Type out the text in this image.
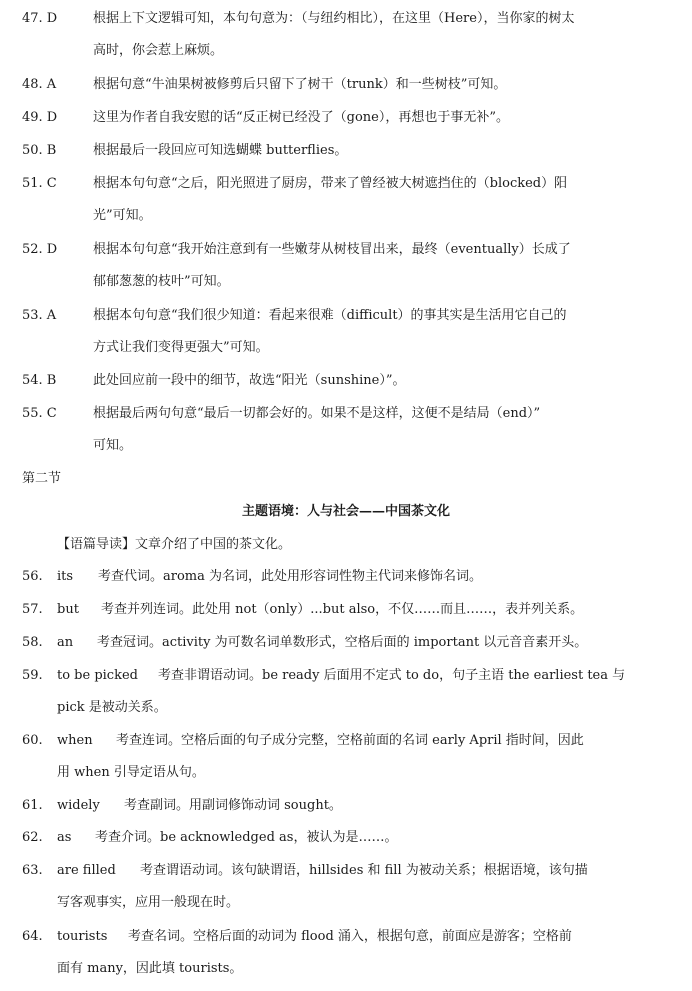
47. D	根据上下文逻辑可知，本句句意为：（与纽约相比），在这里（Here），当你家的树太
高时，你会惹上麻烦。
48. A	根据句意“牛油果树被修剪后只留下了树干（trunk）和一些树枝”可知。
49. D	这里为作者自我安慰的话“反正树已经没了（gone），再想也于事无补”。
50. B	根据最后一段回应可知选蝴蝶 butterflies。
51. C	根据本句句意“之后，阳光照进了厨房，带来了曾经被大树遮挡住的（blocked）阳
光”可知。
52. D	根据本句句意“我开始注意到有一些嫩芽从树枝冒出来，最终（eventually）长成了
郁郁葱葱的枝叶”可知。
53. A	根据本句句意“我们很少知道：看起来很难（difficult）的事其实是生活用它自己的
方式让我们变得更强大”可知。
54. B	此处回应前一段中的细节，故选“阳光（sunshine）”。
55. C	根据最后两句句意“最后一切都会好的。如果不是这样，这便不是结局（end）”
可知。
第二节
主题语境：人与社会——中国茶文化
【语篇导读】文章介绍了中国的茶文化。
56. its 考查代词。aroma 为名词，此处用形容词性物主代词来修饰名词。
57. but 考查并列连词。此处用 not（only）...but also，不仅……而且……，表并列关系。
58. an 考查冠词。activity 为可数名词单数形式，空格后面的 important 以元音音素开头。
59. to be picked 考查非谓语动词。be ready 后面用不定式 to do，句子主语 the earliest tea 与
pick 是被动关系。
60. when 考查连词。空格后面的句子成分完整，空格前面的名词 early April 指时间，因此
用 when 引导定语从句。
61. widely 考查副词。用副词修饰动词 sought。
62. as 考查介词。be acknowledged as，被认为是……。
63. are filled 考查谓语动词。该句缺谓语，hillsides 和 fill 为被动关系；根据语境，该句描
写客观事实，应用一般现在时。
64. tourists 考查名词。空格后面的动词为 flood 涌入，根据句意，前面应是游客；空格前
面有 many，因此填 tourists。
